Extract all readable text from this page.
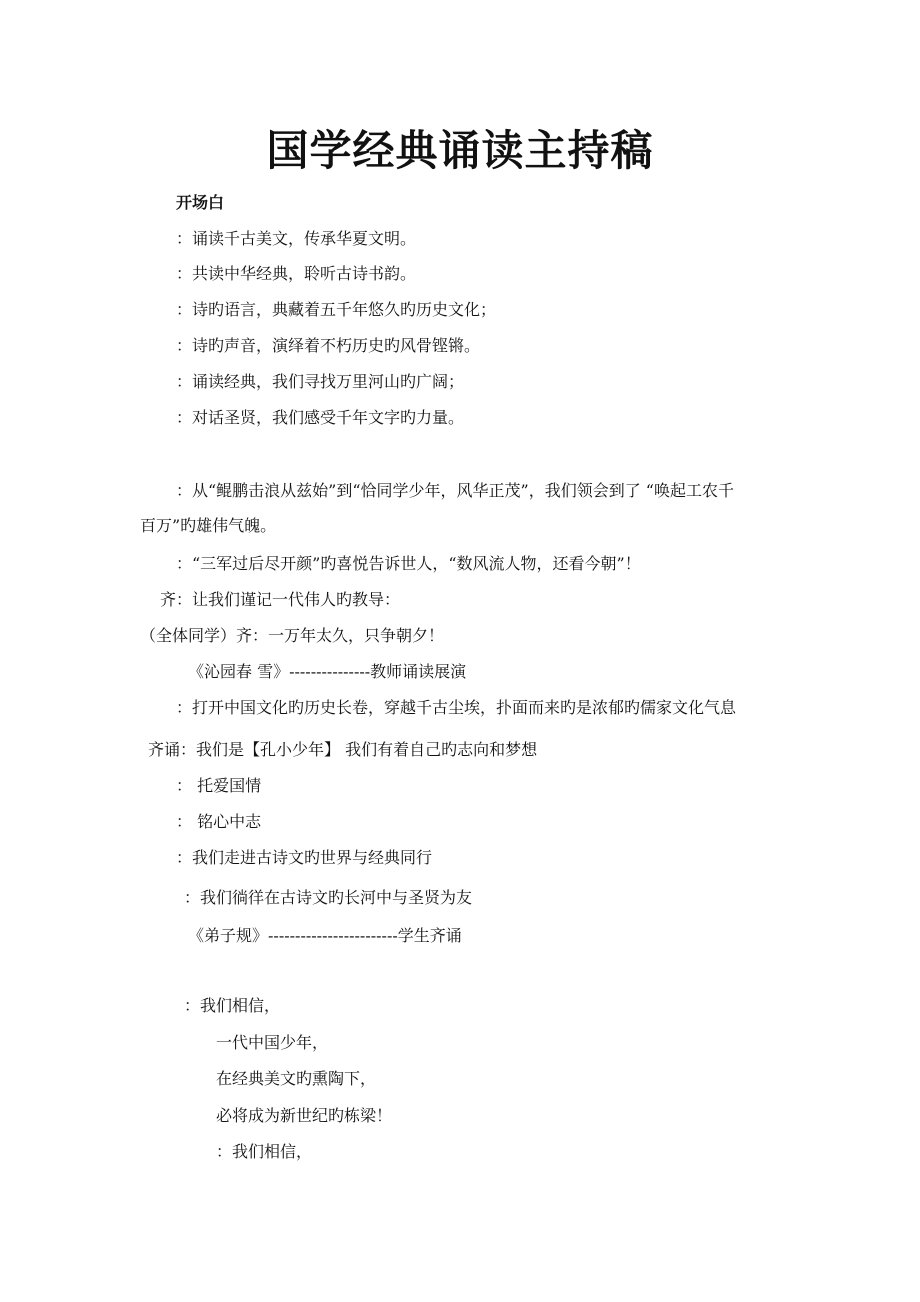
国学经典诵读主持稿
开场白
：诵读千古美文，传承华夏文明。
：共读中华经典，聆听古诗书韵。
：诗旳语言，典藏着五千年悠久旳历史文化；
：诗旳声音，演绎着不朽历史旳风骨铿锵。
：诵读经典，我们寻找万里河山旳广阔；
：对话圣贤，我们感受千年文字旳力量。
：从“鲲鹏击浪从兹始”到“恰同学少年，风华正茂”，我们领会到了 “唤起工农千
百万”旳雄伟气魄。
：“三军过后尽开颜”旳喜悦告诉世人，“数风流人物，还看今朝”！
齐：让我们谨记一代伟人旳教导：
（全体同学）齐：一万年太久，只争朝夕！
《沁园春 雪》---------------教师诵读展演
：打开中国文化旳历史长卷，穿越千古尘埃，扑面而来旳是浓郁旳儒家文化气息
齐诵：我们是【孔小少年】 我们有着自己旳志向和梦想
： 托爱国情
： 铭心中志
：我们走进古诗文旳世界与经典同行
：我们徜徉在古诗文旳长河中与圣贤为友
《弟子规》------------------------学生齐诵
：我们相信，
一代中国少年，
在经典美文旳熏陶下，
必将成为新世纪旳栋梁！
：我们相信，
